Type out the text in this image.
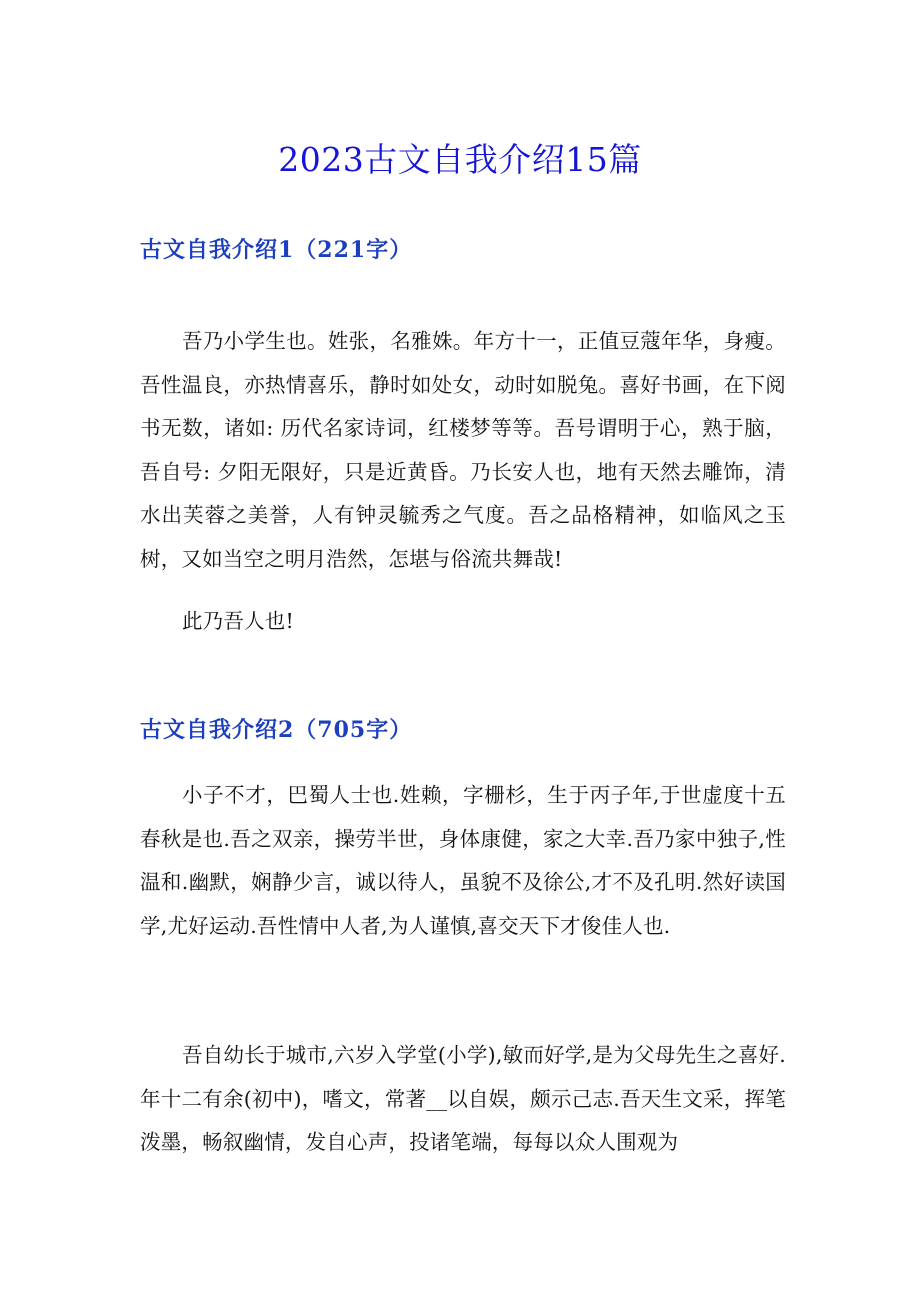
2023古文自我介绍15篇
古文自我介绍1（221字）

吾乃小学生也。姓张，名雅姝。年方十一，正值豆蔻年华，身瘦。吾性温良，亦热情喜乐，静时如处女，动时如脱兔。喜好书画，在下阅书无数，诸如: 历代名家诗词，红楼梦等等。吾号谓明于心，熟于脑，吾自号: 夕阳无限好，只是近黄昏。乃长安人也，地有天然去雕饰，清水出芙蓉之美誉，人有钟灵毓秀之气度。吾之品格精神，如临风之玉树，又如当空之明月浩然，怎堪与俗流共舞哉!

此乃吾人也!

古文自我介绍2（705字）

小子不才，巴蜀人士也.姓赖，字栅杉，生于丙子年,于世虚度十五春秋是也.吾之双亲，操劳半世，身体康健，家之大幸.吾乃家中独子,性温和.幽默，娴静少言，诚以待人，虽貌不及徐公,才不及孔明.然好读国学,尤好运动.吾性情中人者,为人谨慎,喜交天下才俊佳人也.

吾自幼长于城市,六岁入学堂(小学),敏而好学,是为父母先生之喜好.年十二有余(初中)，嗜文，常著__以自娱，颇示己志.吾天生文采，挥笔泼墨，畅叙幽情，发自心声，投诸笔端，每每以众人围观为
